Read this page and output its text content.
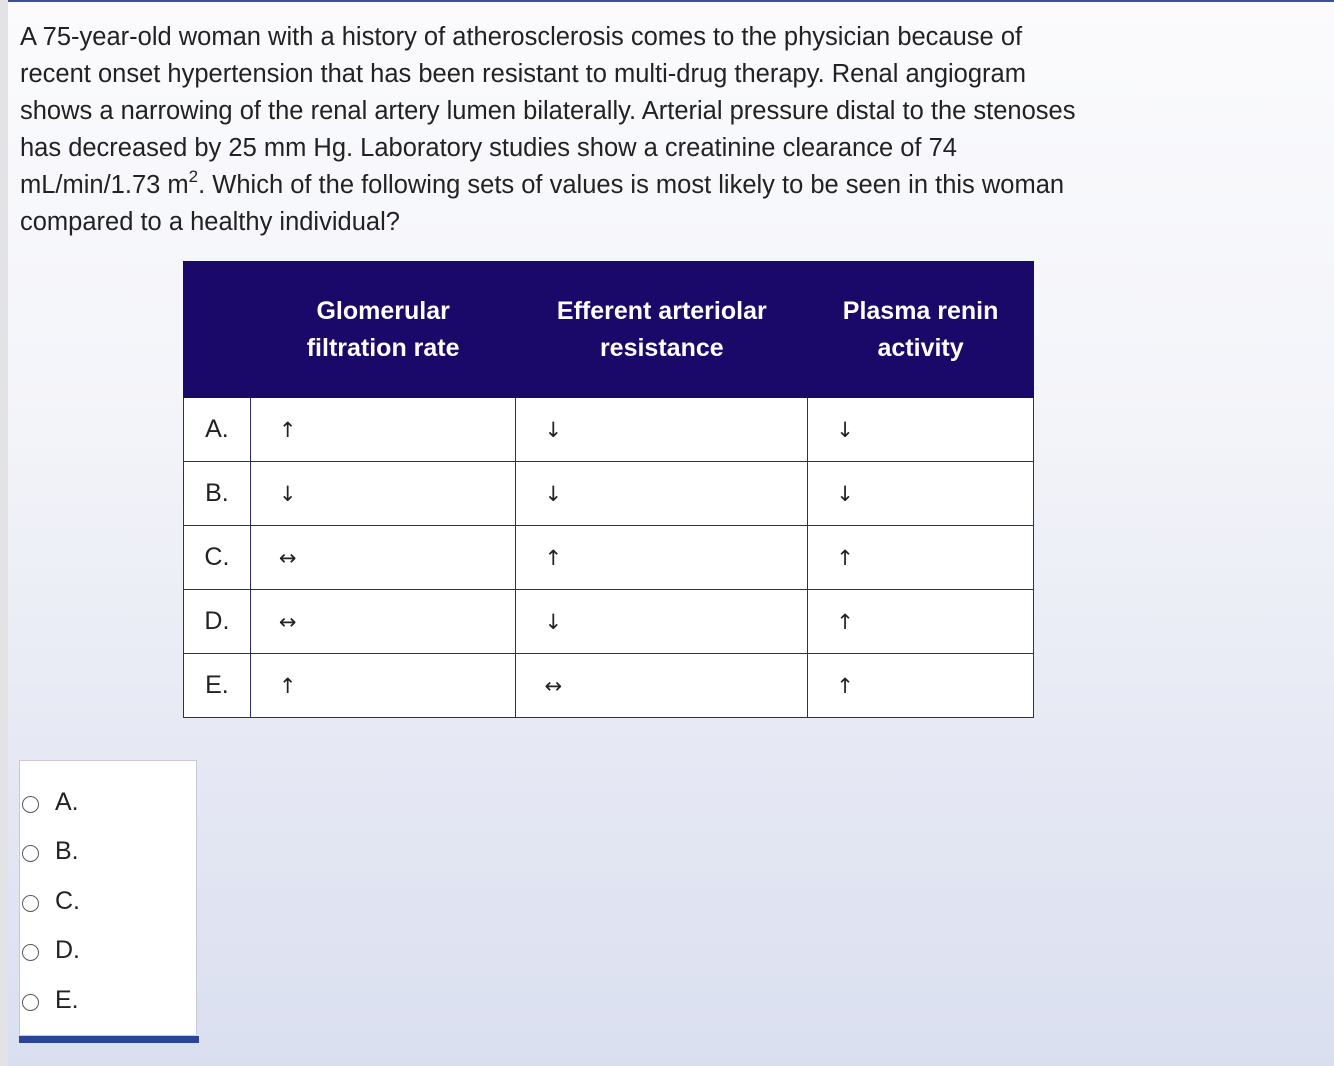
A 75-year-old woman with a history of atherosclerosis comes to the physician because of recent onset hypertension that has been resistant to multi-drug therapy. Renal angiogram shows a narrowing of the renal artery lumen bilaterally. Arterial pressure distal to the stenoses has decreased by 25 mm Hg. Laboratory studies show a creatinine clearance of 74 mL/min/1.73 $m^2$. Which of the following sets of values is most likely to be seen in this woman compared to a healthy individual?

	Glomerular filtration rate	Efferent arteriolar resistance	Plasma renin activity

A.	↑	↓	↓
B.	↓	↓	↓
C.	↔	↑	↑
D.	↔	↓	↑
E.	↑	↔	↑
A.
B.
C.
D.
E.
